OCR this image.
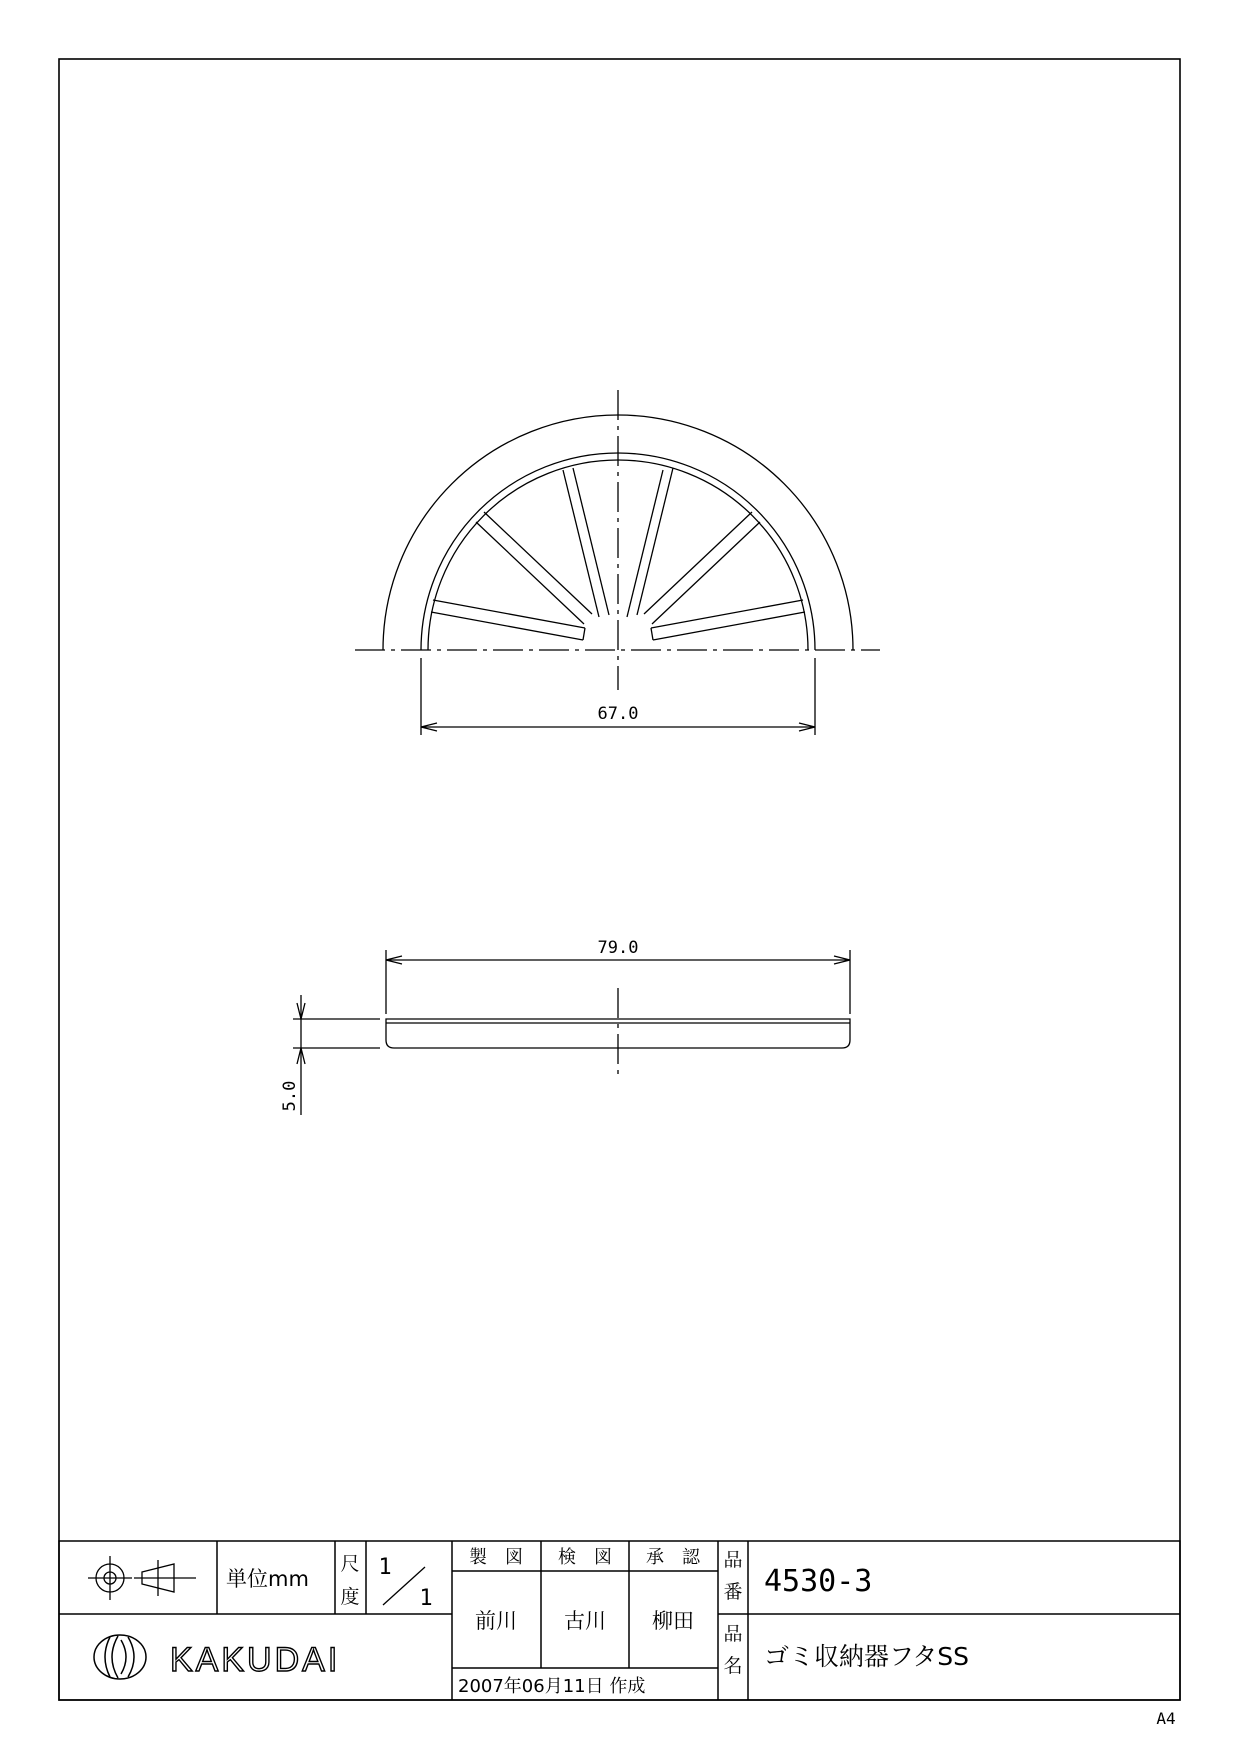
67.0
79.0
5.0
単位mm
尺
度
1
1
製　図 検　図 承　認
前川 古川 柳田
2007年06月11日 作成
品
番 4530-3
品
名 ゴミ収納器フタSS
KAKUDAI
A4
